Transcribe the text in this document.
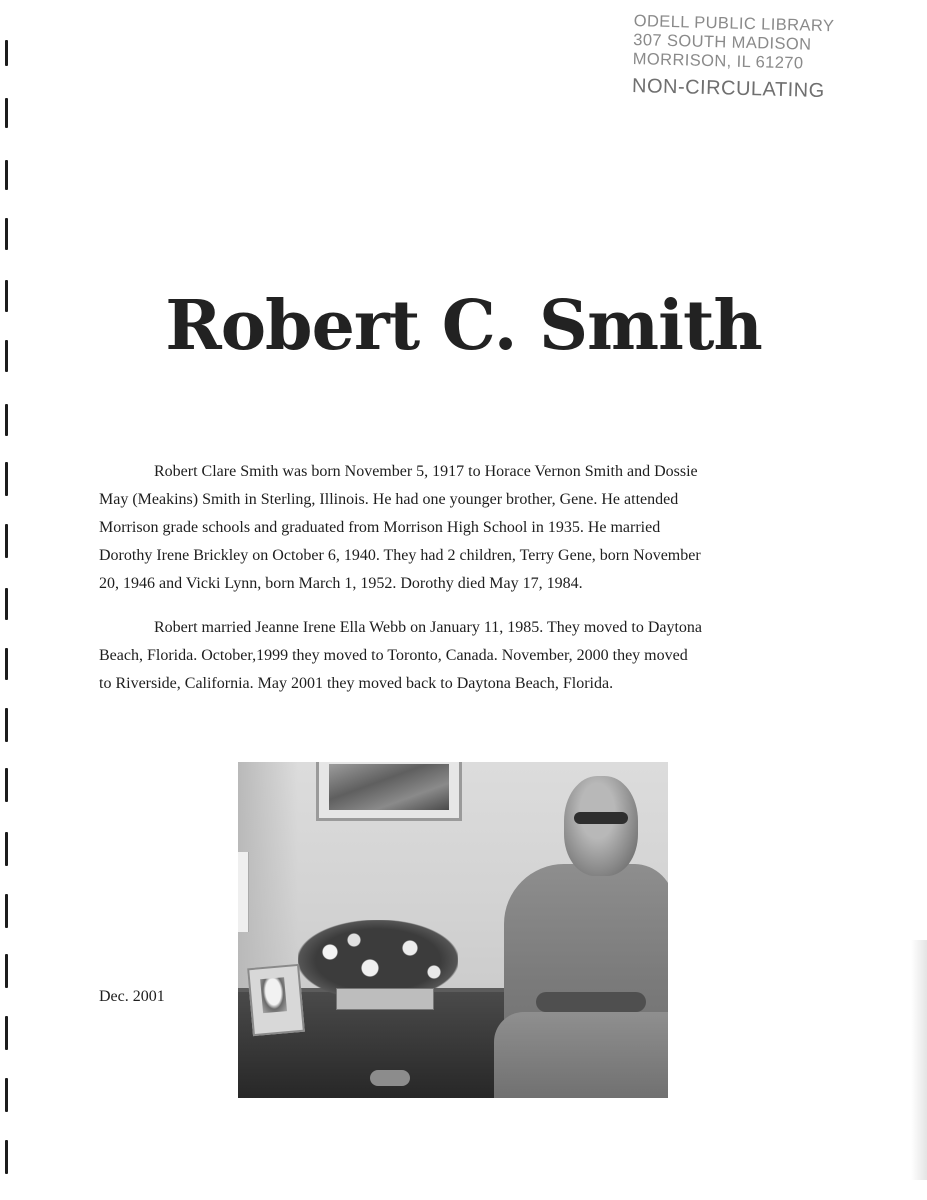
ODELL PUBLIC LIBRARY
307 SOUTH MADISON
MORRISON, IL 61270
NON-CIRCULATING
Robert C. Smith

Robert Clare Smith was born November 5, 1917 to Horace Vernon Smith and Dossie
May (Meakins) Smith in Sterling, Illinois. He had one younger brother, Gene. He attended
Morrison grade schools and graduated from Morrison High School in 1935. He married
Dorothy Irene Brickley on October 6, 1940. They had 2 children, Terry Gene, born November
20, 1946 and Vicki Lynn, born March 1, 1952. Dorothy died May 17, 1984.

Robert married Jeanne Irene Ella Webb on January 11, 1985. They moved to Daytona
Beach, Florida. October,1999 they moved to Toronto, Canada. November, 2000 they moved
to Riverside, California. May 2001 they moved back to Daytona Beach, Florida.

Dec. 2001
